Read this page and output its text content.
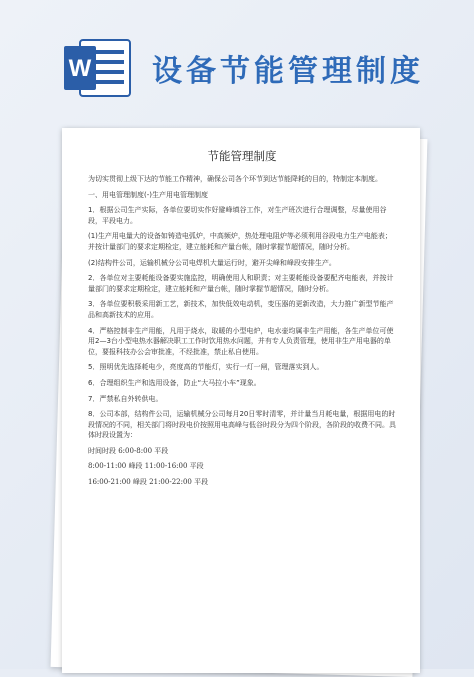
W 设备节能管理制度
节能管理制度

为切实贯彻上级下达的节能工作精神，确保公司各个环节到达节能降耗的目的，特制定本制度。

一、用电管理制度(-)生产用电管理制度

1．根据公司生产实际，各单位要切实作好避峰填谷工作，对生产班次进行合理调整，尽量使用谷段，平段电力。

(1)生产用电量大的设备如铸造电弧炉，中高频炉，热处理电阻炉等必须利用谷段电力生产电能表；并按计量部门的要求定期检定，建立能耗和产量台帐，随时掌握节超情况，随时分析。

(2)结构件公司，运输机械分公司电焊机大量运行时，避开尖峰和峰段安排生产。

2．各单位对主要耗能设备要实施监控，明确使用人和职责；对主要耗能设备要配齐电能表，并按计量部门的要求定期检定，建立能耗和产量台帐，随时掌握节超情况，随时分析。

3．各单位要积极采用新工艺，新技术，加快低效电动机，变压器的更新改造，大力推广新型节能产品和高新技术的应用。

4．严格控制非生产用能，凡用于烧水，取暖的小型电炉，电水壶均属非生产用能，各生产单位可使用2—3台小型电热水器解决职工工作时饮用热水问题，并有专人负责管理，使用非生产用电器的单位，要报科技办公会审批准，不经批准，禁止私自使用。

5．照明优先选择耗电少，亮度高的节能灯，实行一灯一闸，管理落实到人。

6．合理组织生产和选用设备，防止“大马拉小车”现象。

7．严禁私自外转供电。

8．公司本部，结构件公司，运输机械分公司每月20日零时清零，并计量当月耗电量，根据用电的时段情况的不同，相关部门将时段电价按照用电高峰与低谷时段分为四个阶段，各阶段的收费不同。具体时段设置为：

时间时段 6:00-8:00 平段

8:00-11:00 峰段 11:00-16:00 平段

16:00-21:00 峰段 21:00-22:00 平段
